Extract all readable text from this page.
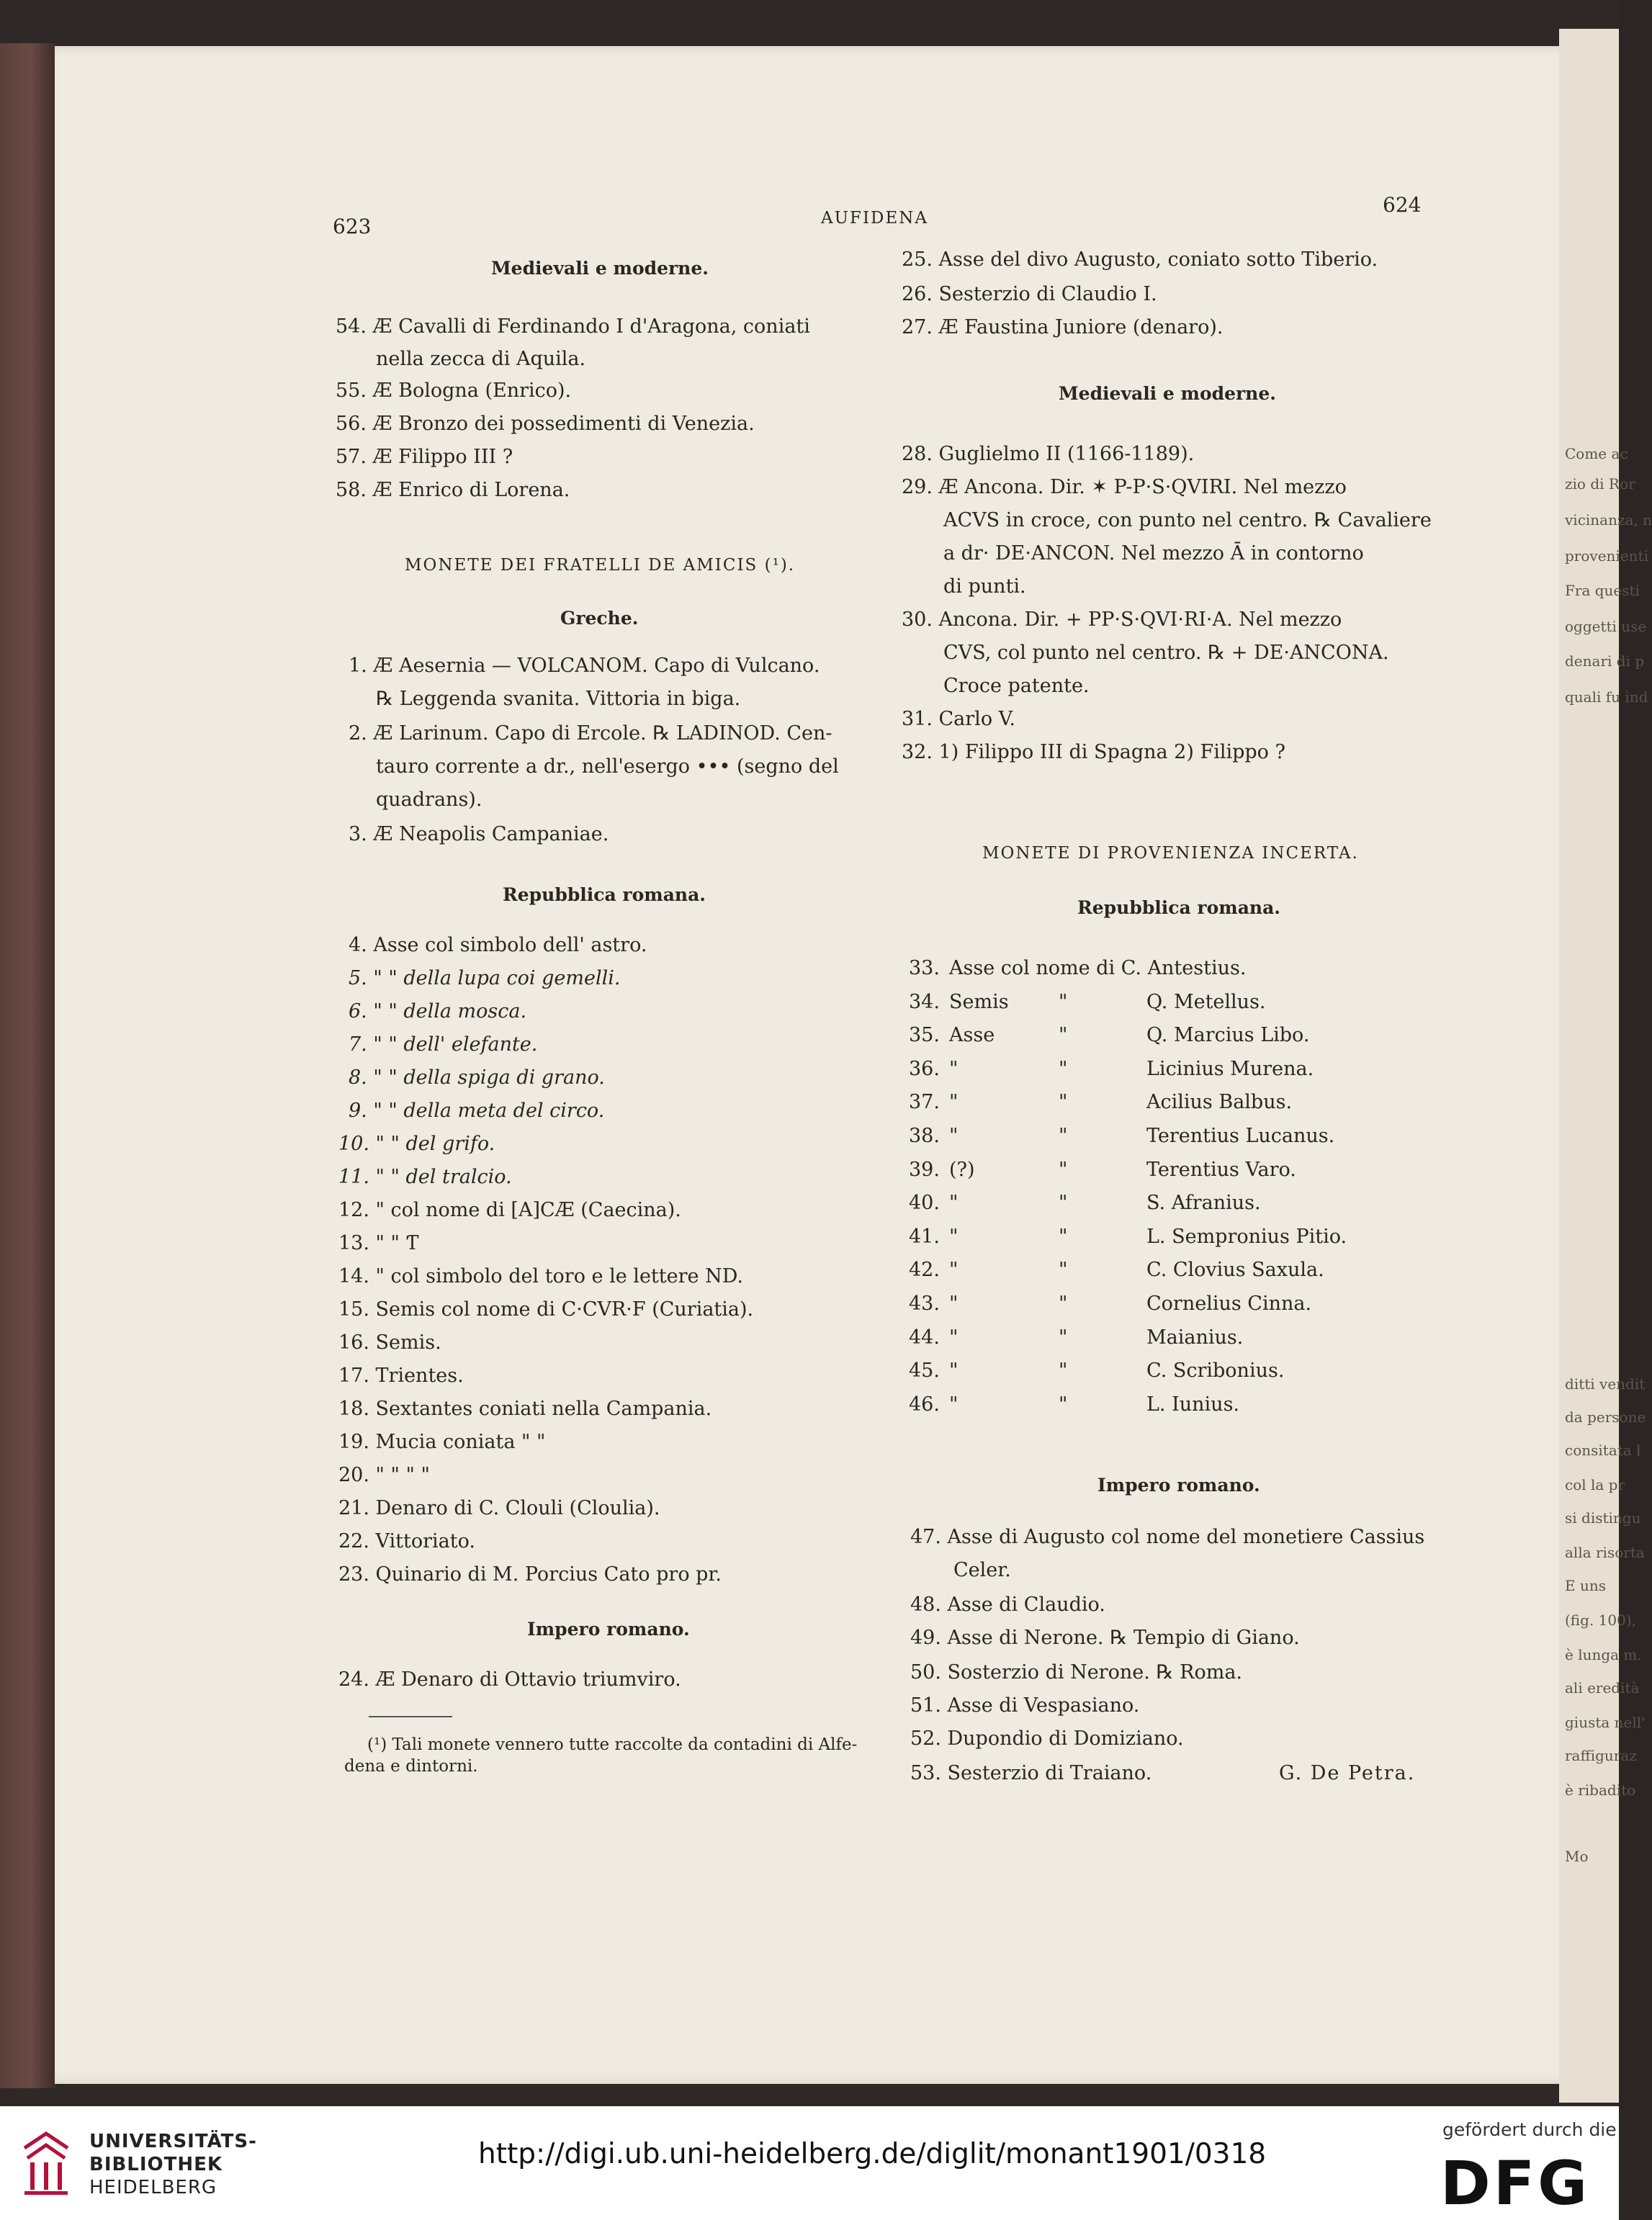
Come ac
zio di Ror
vicinanza, n
provenienti
Fra questi
oggetti use
denari di p
quali fu ind
ditti vendit
da persone
consitata l
col la pr
si distingu
alla risorta
E uns
(fig. 100),
è lunga m.
ali eredità
giusta nell'
raffiguraz
è ribadito
Mo
623	AUFIDENA
624
Medievali e moderne.
54. Æ Cavalli di Ferdinando I d'Aragona, coniati
nella zecca di Aquila.
55. Æ Bologna (Enrico).
56. Æ Bronzo dei possedimenti di Venezia.
57. Æ Filippo III ?
58. Æ Enrico di Lorena.
MONETE DEI FRATELLI DE AMICIS (¹).
Greche.
1. Æ Aesernia — VOLCANOM. Capo di Vulcano.
℞ Leggenda svanita. Vittoria in biga.
2. Æ Larinum. Capo di Ercole. ℞ LADINOD. Cen-
tauro corrente a dr., nell'esergo ••• (segno del
quadrans).
3. Æ Neapolis Campaniae.
Repubblica romana.
4. Asse col simbolo dell' astro.
5. " " della lupa coi gemelli.
6. " " della mosca.
7. " " dell' elefante.
8. " " della spiga di grano.
9. " " della meta del circo.
10. " " del grifo.
11. " " del tralcio.
12. " col nome di [A]CÆ (Caecina).
13. " " Ƭ
14. " col simbolo del toro e le lettere ND.
15. Semis col nome di C·CVR·F (Curiatia).
16. Semis.
17. Trientes.
18. Sextantes coniati nella Campania.
19. Mucia coniata " "
20. " " " "
21. Denaro di C. Clouli (Cloulia).
22. Vittoriato.
23. Quinario di M. Porcius Cato pro pr.
Impero romano.
24. Æ Denaro di Ottavio triumviro.
(¹) Tali monete vennero tutte raccolte da contadini di Alfe-
dena e dintorni.
25. Asse del divo Augusto, coniato sotto Tiberio.
26. Sesterzio di Claudio I.
27. Æ Faustina Juniore (denaro).
Medievali e moderne.
28. Guglielmo II (1166-1189).
29. Æ Ancona. Dir. ✶ P-P·S·QVIRI. Nel mezzo
ACVS in croce, con punto nel centro. ℞ Cavaliere
a dr· DE·ANCON. Nel mezzo Ā in contorno
di punti.
30. Ancona. Dir. + PP·S·QVI·RI·A. Nel mezzo
CVS, col punto nel centro. ℞ + DE·ANCONA.
Croce patente.
31. Carlo V.
32. 1) Filippo III di Spagna 2) Filippo ?
MONETE DI PROVENIENZA INCERTA.
Repubblica romana.
33. Asse col nome di C. Antestius.
34. Semis	"	Q. Metellus.
35. Asse	"	Q. Marcius Libo.
36. "	"	Licinius Murena.
37. "	"	Acilius Balbus.
38. "	"	Terentius Lucanus.
39. (?)	"	Terentius Varo.
40. "	"	S. Afranius.
41. "	"	L. Sempronius Pitio.
42. "	"	C. Clovius Saxula.
43. "	"	Cornelius Cinna.
44. "	"	Maianius.
45. "	"	C. Scribonius.
46. "	"	L. Iunius.
Impero romano.
47. Asse di Augusto col nome del monetiere Cassius
Celer.
48. Asse di Claudio.
49. Asse di Nerone. ℞ Tempio di Giano.
50. Sosterzio di Nerone. ℞ Roma.
51. Asse di Vespasiano.
52. Dupondio di Domiziano.
53. Sesterzio di Traiano.	G. De Petra.
UNIVERSITÄTS-
BIBLIOTHEK
HEIDELBERG
http://digi.ub.uni-heidelberg.de/diglit/monant1901/0318
gefördert durch die
DFG
